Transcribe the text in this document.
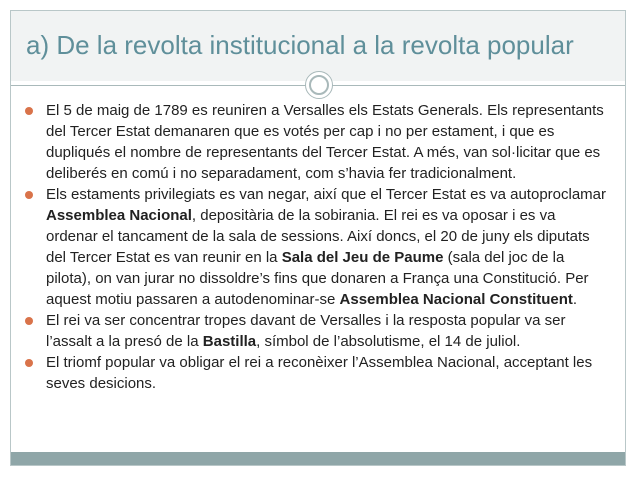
a) De la revolta institucional a la revolta popular
El 5 de maig de 1789 es reuniren a Versalles els Estats Generals. Els representants del Tercer Estat demanaren que es votés per cap i no per estament, i que es dupliqués el nombre de representants del Tercer Estat. A més, van sol·licitar que es deliberés en comú i no separadament, com s’havia fer tradicionalment.
Els estaments privilegiats es van negar, així que el Tercer Estat es va autoproclamar Assemblea Nacional, depositària de la sobirania. El rei es va oposar i es va ordenar el tancament de la sala de sessions. Així doncs, el 20 de juny els diputats del Tercer Estat es van reunir en la Sala del Jeu de Paume (sala del joc de la pilota), on van jurar no dissoldre’s fins que donaren a França una Constitució. Per aquest motiu passaren a autodenominar-se Assemblea Nacional Constituent.
El rei va ser concentrar tropes davant de Versalles i la resposta popular va ser l’assalt a la presó de la Bastilla, símbol de l’absolutisme, el 14 de juliol.
El triomf popular va obligar el rei a reconèixer l’Assemblea Nacional, acceptant les seves desicions.
